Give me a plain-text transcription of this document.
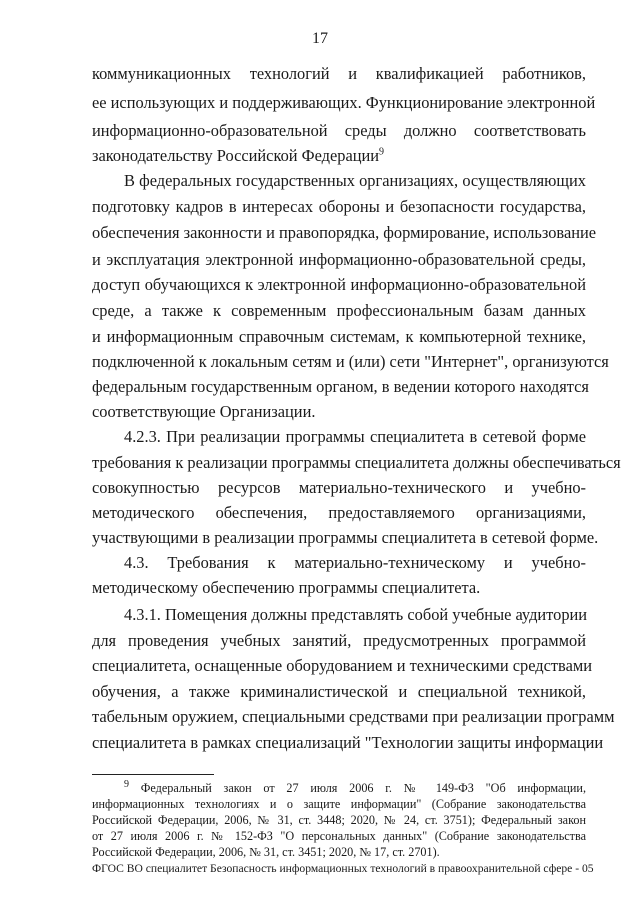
17
коммуникационных технологий и квалификацией работников,
ее использующих и поддерживающих. Функционирование электронной
информационно-образовательной среды должно соответствовать
законодательству Российской Федерации$^9$
В федеральных государственных организациях, осуществляющих
подготовку кадров в интересах обороны и безопасности государства,
обеспечения законности и правопорядка, формирование, использование
и эксплуатация электронной информационно-образовательной среды,
доступ обучающихся к электронной информационно-образовательной
среде, а также к современным профессиональным базам данных
и информационным справочным системам, к компьютерной технике,
подключенной к локальным сетям и (или) сети "Интернет", организуются
федеральным государственным органом, в ведении которого находятся
соответствующие Организации.
4.2.3. При реализации программы специалитета в сетевой форме
требования к реализации программы специалитета должны обеспечиваться
совокупностью ресурсов материально-технического и учебно-
методического обеспечения, предоставляемого организациями,
участвующими в реализации программы специалитета в сетевой форме.
4.3. Требования к материально-техническому и учебно-
методическому обеспечению программы специалитета.
4.3.1. Помещения должны представлять собой учебные аудитории
для проведения учебных занятий, предусмотренных программой
специалитета, оснащенные оборудованием и техническими средствами
обучения, а также криминалистической и специальной техникой,
табельным оружием, специальными средствами при реализации программ
специалитета в рамках специализаций "Технологии защиты информации
$^9$ Федеральный закон от 27 июля 2006 г. № 149-ФЗ "Об информации,
информационных технологиях и о защите информации" (Собрание законодательства
Российской Федерации, 2006, № 31, ст. 3448; 2020, № 24, ст. 3751); Федеральный закон
от 27 июля 2006 г. № 152-ФЗ "О персональных данных" (Собрание законодательства
Российской Федерации, 2006, № 31, ст. 3451; 2020, № 17, ст. 2701).
ФГОС ВО специалитет Безопасность информационных технологий в правоохранительной сфере - 05
